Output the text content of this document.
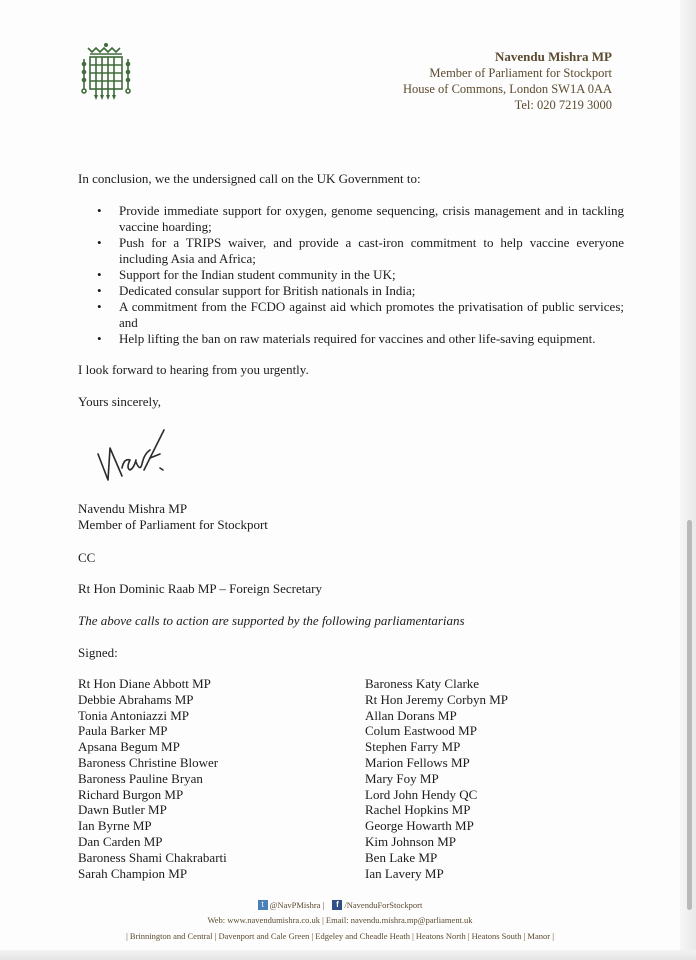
Navendu Mishra MP
Member of Parliament for Stockport
House of Commons, London SW1A 0AA
Tel: 020 7219 3000
In conclusion, we the undersigned call on the UK Government to:
• Provide immediate support for oxygen, genome sequencing, crisis management and in tackling vaccine hoarding;
• Push for a TRIPS waiver, and provide a cast-iron commitment to help vaccine everyone including Asia and Africa;
• Support for the Indian student community in the UK;
• Dedicated consular support for British nationals in India;
• A commitment from the FCDO against aid which promotes the privatisation of public services; and
• Help lifting the ban on raw materials required for vaccines and other life-saving equipment.
I look forward to hearing from you urgently.
Yours sincerely,
Navendu Mishra MP
Member of Parliament for Stockport
CC
Rt Hon Dominic Raab MP – Foreign Secretary
The above calls to action are supported by the following parliamentarians
Signed:
Rt Hon Diane Abbott MP
Debbie Abrahams MP
Tonia Antoniazzi MP
Paula Barker MP
Apsana Begum MP
Baroness Christine Blower
Baroness Pauline Bryan
Richard Burgon MP
Dawn Butler MP
Ian Byrne MP
Dan Carden MP
Baroness Shami Chakrabarti
Sarah Champion MP
Baroness Katy Clarke
Rt Hon Jeremy Corbyn MP
Allan Dorans MP
Colum Eastwood MP
Stephen Farry MP
Marion Fellows MP
Mary Foy MP
Lord John Hendy QC
Rachel Hopkins MP
George Howarth MP
Kim Johnson MP
Ben Lake MP
Ian Lavery MP
t @NavPMishra | f /NavenduForStockport
Web: www.navendumishra.co.uk | Email: navendu.mishra.mp@parliament.uk
| Brinnington and Central | Davenport and Cale Green | Edgeley and Cheadle Heath | Heatons North | Heatons South | Manor |
